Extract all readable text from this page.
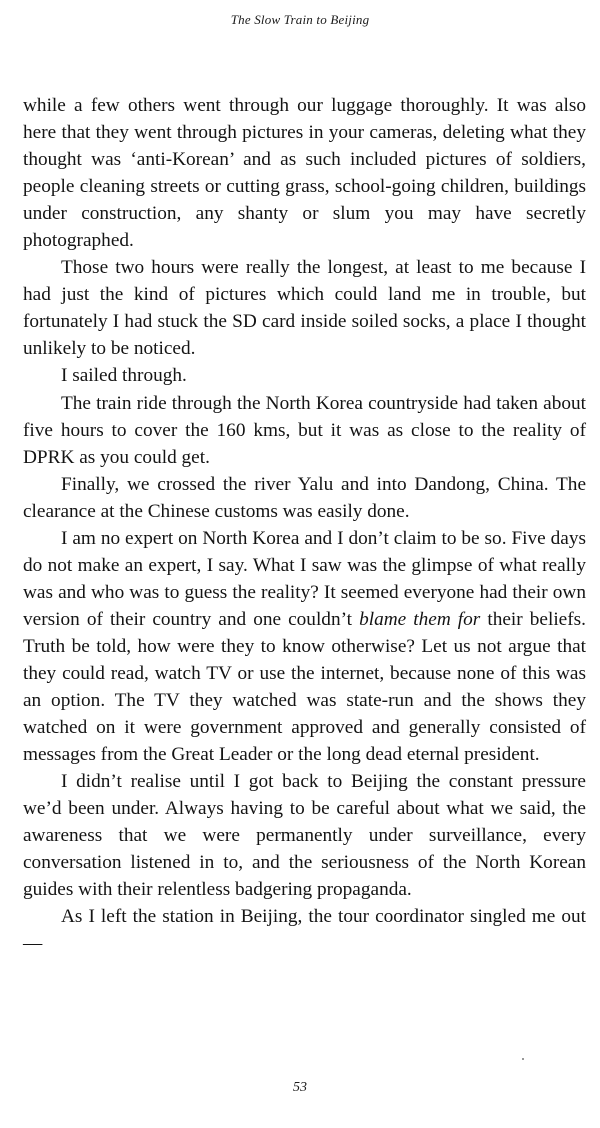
The Slow Train to Beijing

while a few others went through our luggage thoroughly. It was also here that they went through pictures in your cameras, deleting what they thought was ‘anti-Korean’ and as such included pictures of soldiers, people cleaning streets or cutting grass, school-going children, buildings under construction, any shanty or slum you may have secretly photographed.

Those two hours were really the longest, at least to me because I had just the kind of pictures which could land me in trouble, but fortunately I had stuck the SD card inside soiled socks, a place I thought unlikely to be noticed.

I sailed through.

The train ride through the North Korea countryside had taken about five hours to cover the 160 kms, but it was as close to the reality of DPRK as you could get.

Finally, we crossed the river Yalu and into Dandong, China. The clearance at the Chinese customs was easily done.

I am no expert on North Korea and I don’t claim to be so. Five days do not make an expert, I say. What I saw was the glimpse of what really was and who was to guess the reality? It seemed everyone had their own version of their country and one couldn’t blame them for their beliefs. Truth be told, how were they to know otherwise? Let us not argue that they could read, watch TV or use the internet, because none of this was an option. The TV they watched was state-run and the shows they watched on it were government approved and generally consisted of messages from the Great Leader or the long dead eternal president.

I didn’t realise until I got back to Beijing the constant pressure we’d been under. Always having to be careful about what we said, the awareness that we were permanently under surveillance, every conversation listened in to, and the seriousness of the North Korean guides with their relentless badgering propaganda.

As I left the station in Beijing, the tour coordinator singled me out—

53
